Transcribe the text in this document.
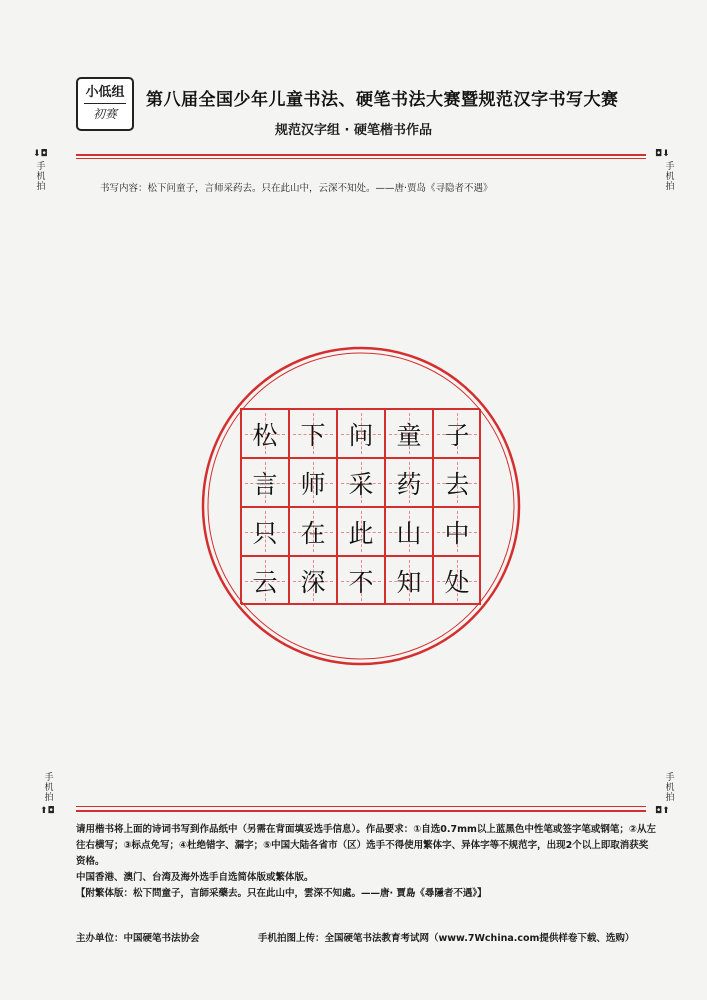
小低组
初赛
第八届全国少年儿童书法、硬笔书法大赛暨规范汉字书写大赛
规范汉字组 · 硬笔楷书作品
⬇◘
手机拍
◘⬇
手机拍
书写内容：松下问童子，言师采药去。只在此山中，云深不知处。——唐·贾岛《寻隐者不遇》
松 下 问 童 子
言 师 采 药 去
只 在 此 山 中
云 深 不 知 处
手机拍
⬆◘
手机拍
◘⬆
请用楷书将上面的诗词书写到作品纸中（另需在背面填妥选手信息）。作品要求：①自选0.7mm以上蓝黑色中性笔或签字笔或钢笔；②从左往右横写；③标点免写；④杜绝错字、漏字；⑤中国大陆各省市（区）选手不得使用繁体字、异体字等不规范字，出现2个以上即取消获奖资格。
中国香港、澳门、台湾及海外选手自选简体版或繁体版。
【附繁体版：松下問童子，言師采藥去。只在此山中，雲深不知處。——唐· 賈島《尋隱者不遇》】
主办单位：中国硬笔书法协会	手机拍图上传：全国硬笔书法教育考试网（www.7Wchina.com提供样卷下载、选购）
